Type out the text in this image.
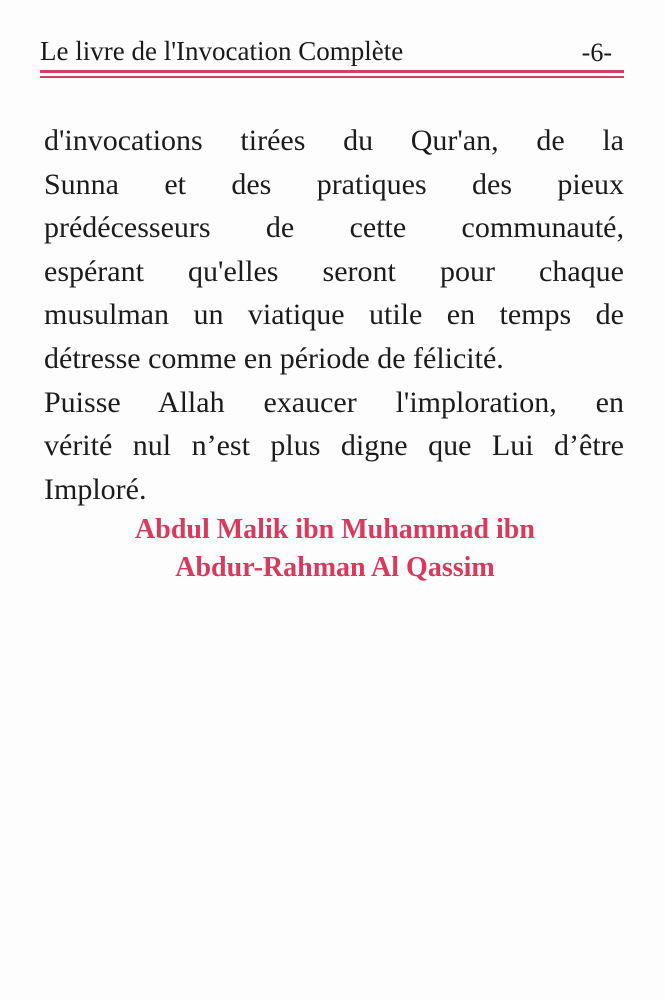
Le livre de l'Invocation Complète	-6-
d'invocations tirées du Qur'an, de la
Sunna et des pratiques des pieux
prédécesseurs de cette communauté,
espérant qu'elles seront pour chaque
musulman un viatique utile en temps de
détresse comme en période de félicité.
Puisse Allah exaucer l'imploration, en
vérité nul n’est plus digne que Lui d’être
Imploré.
Abdul Malik ibn Muhammad ibn
Abdur-Rahman Al Qassim
